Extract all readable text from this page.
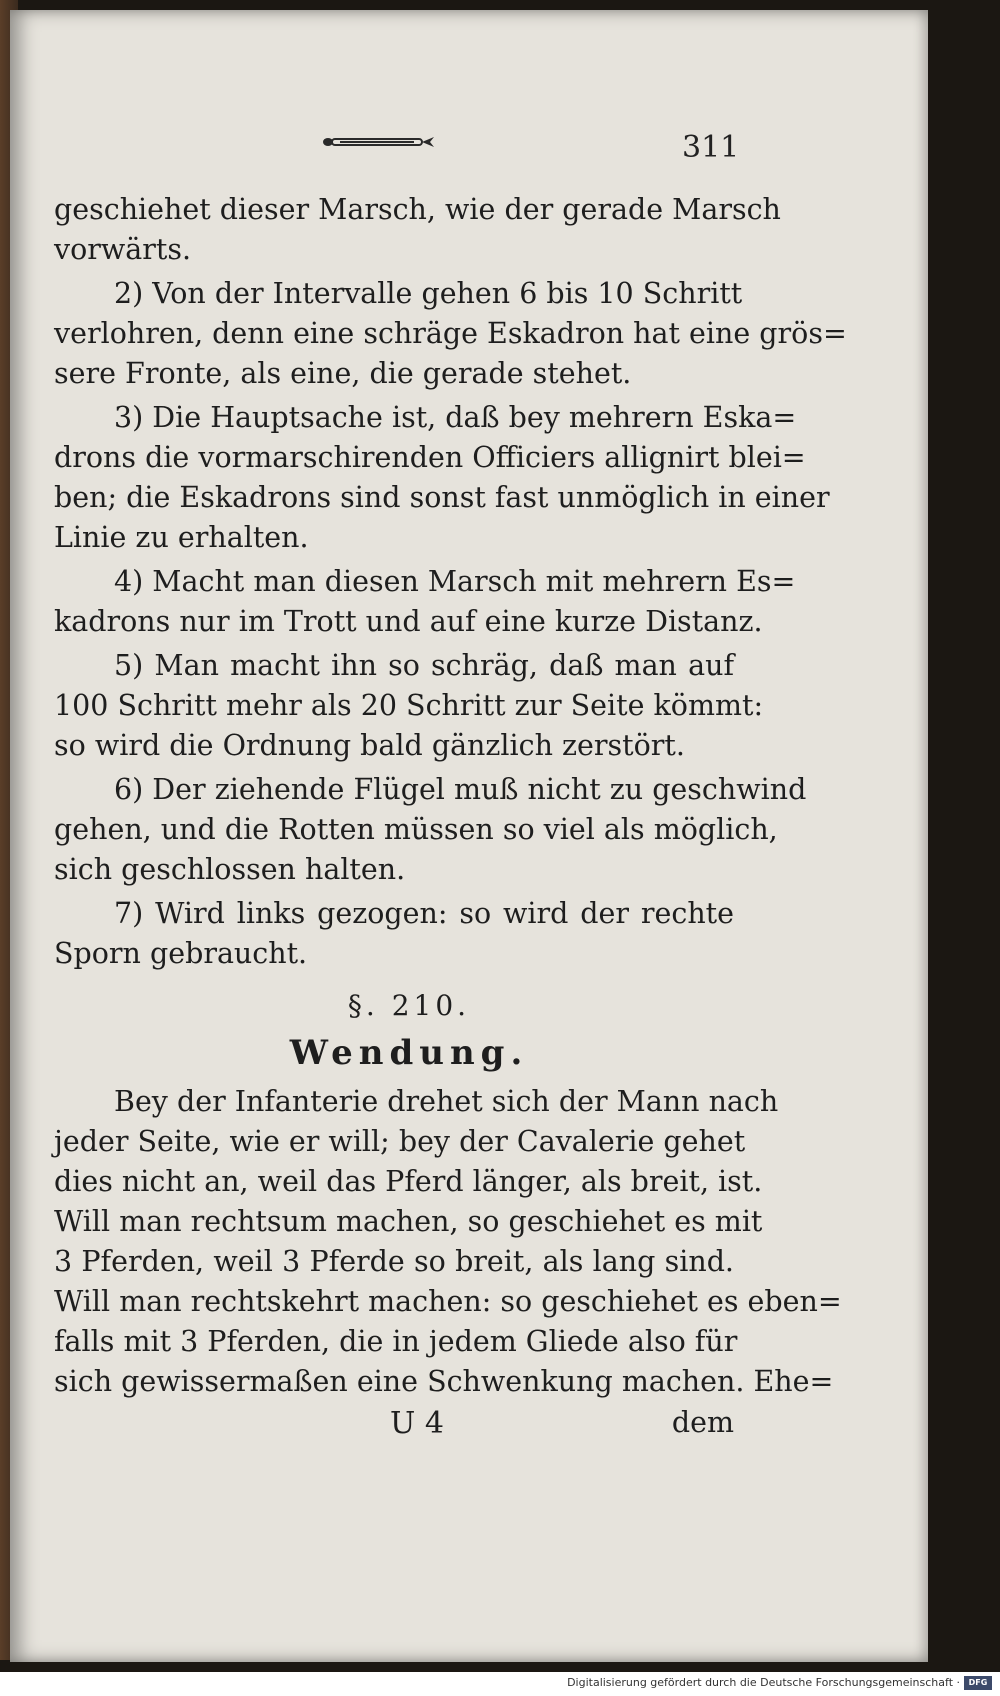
311
geschiehet dieser Marsch, wie der gerade Marsch
vorwärts.
2) Von der Intervalle gehen 6 bis 10 Schritt
verlohren, denn eine schräge Eskadron hat eine grös=
sere Fronte, als eine, die gerade stehet.
3) Die Hauptsache ist, daß bey mehrern Eska=
drons die vormarschirenden Officiers allignirt blei=
ben; die Eskadrons sind sonst fast unmöglich in einer
Linie zu erhalten.
4) Macht man diesen Marsch mit mehrern Es=
kadrons nur im Trott und auf eine kurze Distanz.
5) Man macht ihn so schräg, daß man auf
100 Schritt mehr als 20 Schritt zur Seite kömmt:
so wird die Ordnung bald gänzlich zerstört.
6) Der ziehende Flügel muß nicht zu geschwind
gehen, und die Rotten müssen so viel als möglich,
sich geschlossen halten.
7) Wird links gezogen: so wird der rechte
Sporn gebraucht.
§. 210.
Wendung.
Bey der Infanterie drehet sich der Mann nach
jeder Seite, wie er will; bey der Cavalerie gehet
dies nicht an, weil das Pferd länger, als breit, ist.
Will man rechtsum machen, so geschiehet es mit
3 Pferden, weil 3 Pferde so breit, als lang sind.
Will man rechtskehrt machen: so geschiehet es eben=
falls mit 3 Pferden, die in jedem Gliede also für
sich gewissermaßen eine Schwenkung machen. Ehe=
U 4	dem
Digitalisierung gefördert durch die Deutsche Forschungsgemeinschaft ·	DFG
